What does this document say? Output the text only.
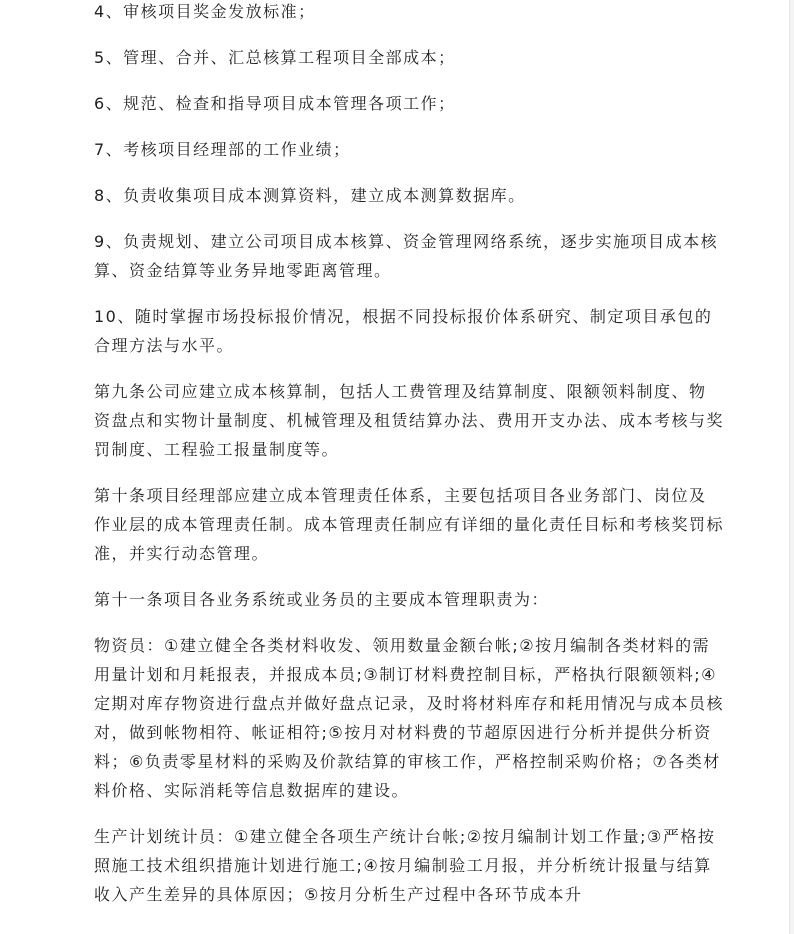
4、审核项目奖金发放标准；

5、管理、合并、汇总核算工程项目全部成本；

6、规范、检查和指导项目成本管理各项工作；

7、考核项目经理部的工作业绩；

8、负责收集项目成本测算资料，建立成本测算数据库。

9、负责规划、建立公司项目成本核算、资金管理网络系统，逐步实施项目成本核算、资金结算等业务异地零距离管理。

10、随时掌握市场投标报价情况，根据不同投标报价体系研究、制定项目承包的合理方法与水平。

第九条公司应建立成本核算制，包括人工费管理及结算制度、限额领料制度、物资盘点和实物计量制度、机械管理及租赁结算办法、费用开支办法、成本考核与奖罚制度、工程验工报量制度等。

第十条项目经理部应建立成本管理责任体系，主要包括项目各业务部门、岗位及作业层的成本管理责任制。成本管理责任制应有详细的量化责任目标和考核奖罚标准，并实行动态管理。

第十一条项目各业务系统或业务员的主要成本管理职责为：

物资员：①建立健全各类材料收发、领用数量金额台帐;②按月编制各类材料的需用量计划和月耗报表，并报成本员;③制订材料费控制目标，严格执行限额领料;④定期对库存物资进行盘点并做好盘点记录，及时将材料库存和耗用情况与成本员核对，做到帐物相符、帐证相符;⑤按月对材料费的节超原因进行分析并提供分析资料；⑥负责零星材料的采购及价款结算的审核工作，严格控制采购价格；⑦各类材料价格、实际消耗等信息数据库的建设。

生产计划统计员：①建立健全各项生产统计台帐;②按月编制计划工作量;③严格按照施工技术组织措施计划进行施工;④按月编制验工月报，并分析统计报量与结算收入产生差异的具体原因；⑤按月分析生产过程中各环节成本升
